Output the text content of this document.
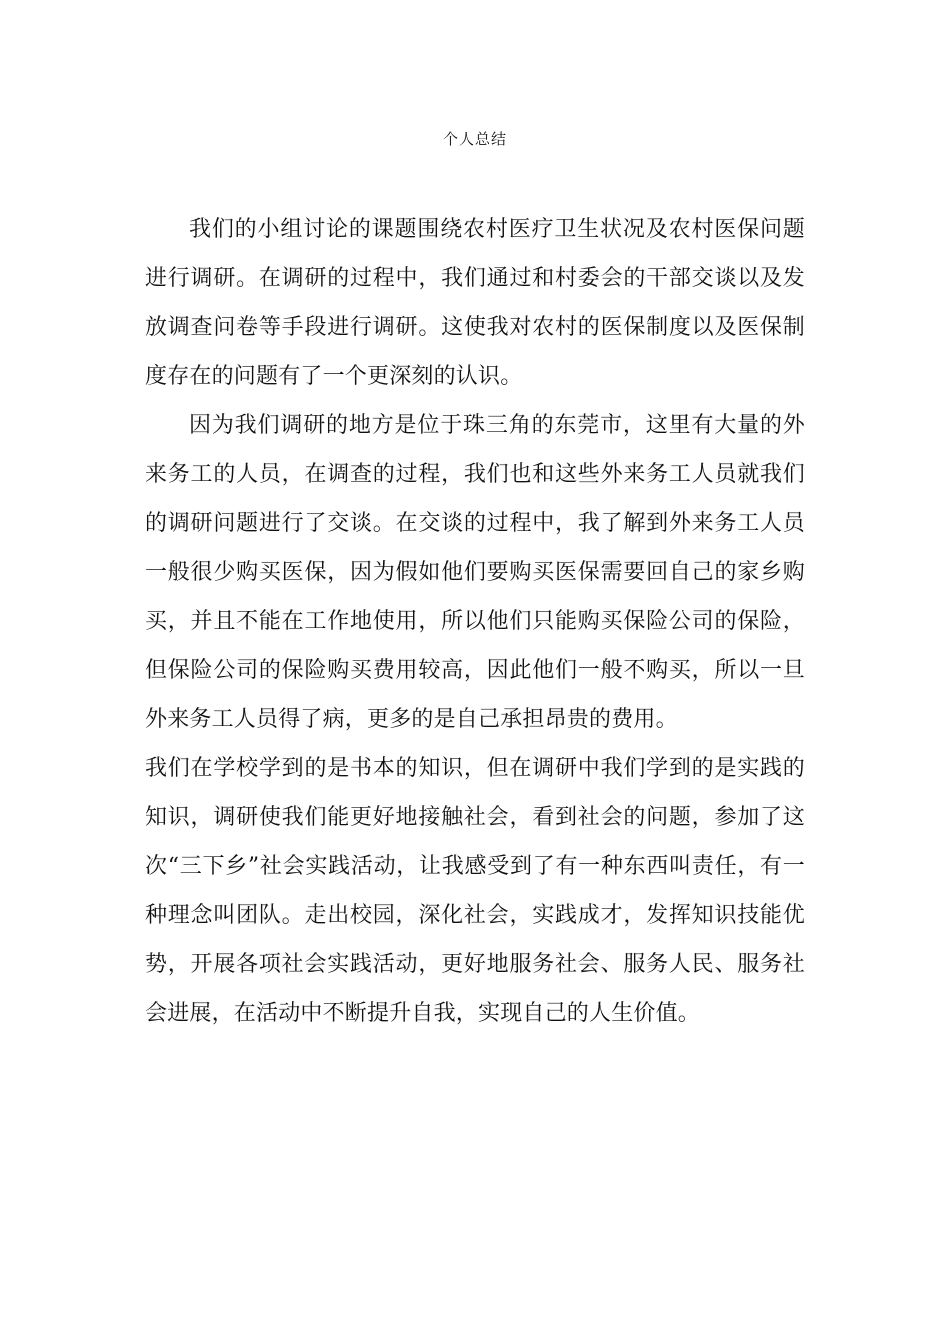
个人总结

我们的小组讨论的课题围绕农村医疗卫生状况及农村医保问题进行调研。在调研的过程中，我们通过和村委会的干部交谈以及发放调查问卷等手段进行调研。这使我对农村的医保制度以及医保制度存在的问题有了一个更深刻的认识。

因为我们调研的地方是位于珠三角的东莞市，这里有大量的外来务工的人员，在调查的过程，我们也和这些外来务工人员就我们的调研问题进行了交谈。在交谈的过程中，我了解到外来务工人员一般很少购买医保，因为假如他们要购买医保需要回自己的家乡购买，并且不能在工作地使用，所以他们只能购买保险公司的保险，但保险公司的保险购买费用较高，因此他们一般不购买，所以一旦外来务工人员得了病，更多的是自己承担昂贵的费用。

我们在学校学到的是书本的知识，但在调研中我们学到的是实践的知识，调研使我们能更好地接触社会，看到社会的问题，参加了这次“三下乡”社会实践活动，让我感受到了有一种东西叫责任，有一种理念叫团队。走出校园，深化社会，实践成才，发挥知识技能优势，开展各项社会实践活动，更好地服务社会、服务人民、服务社会进展，在活动中不断提升自我，实现自己的人生价值。
